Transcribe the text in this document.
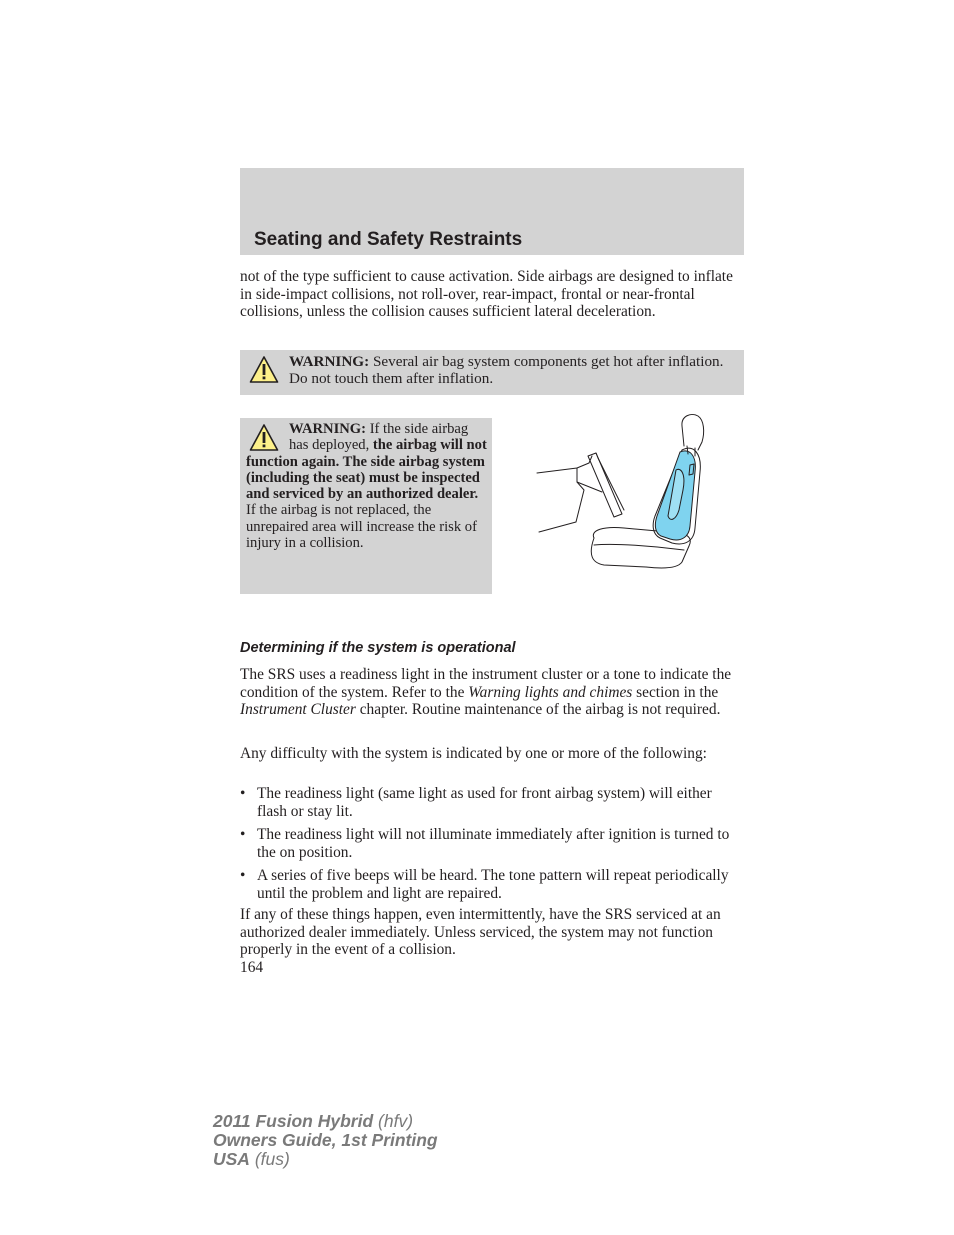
Seating and Safety Restraints

not of the type sufficient to cause activation. Side airbags are designed to inflate in side-impact collisions, not roll-over, rear-impact, frontal or near-frontal collisions, unless the collision causes sufficient lateral deceleration.

WARNING: Several air bag system components get hot after inflation. Do not touch them after inflation.

WARNING: If the side airbag has deployed, the airbag will not function again. The side airbag system (including the seat) must be inspected and serviced by an authorized dealer. If the airbag is not replaced, the unrepaired area will increase the risk of injury in a collision.

Determining if the system is operational

The SRS uses a readiness light in the instrument cluster or a tone to indicate the condition of the system. Refer to the Warning lights and chimes section in the Instrument Cluster chapter. Routine maintenance of the airbag is not required.

Any difficulty with the system is indicated by one or more of the following:

• The readiness light (same light as used for front airbag system) will either flash or stay lit.
• The readiness light will not illuminate immediately after ignition is turned to the on position.
• A series of five beeps will be heard. The tone pattern will repeat periodically until the problem and light are repaired.

If any of these things happen, even intermittently, have the SRS serviced at an authorized dealer immediately. Unless serviced, the system may not function properly in the event of a collision.

164

2011 Fusion Hybrid (hfv)
Owners Guide, 1st Printing
USA (fus)
